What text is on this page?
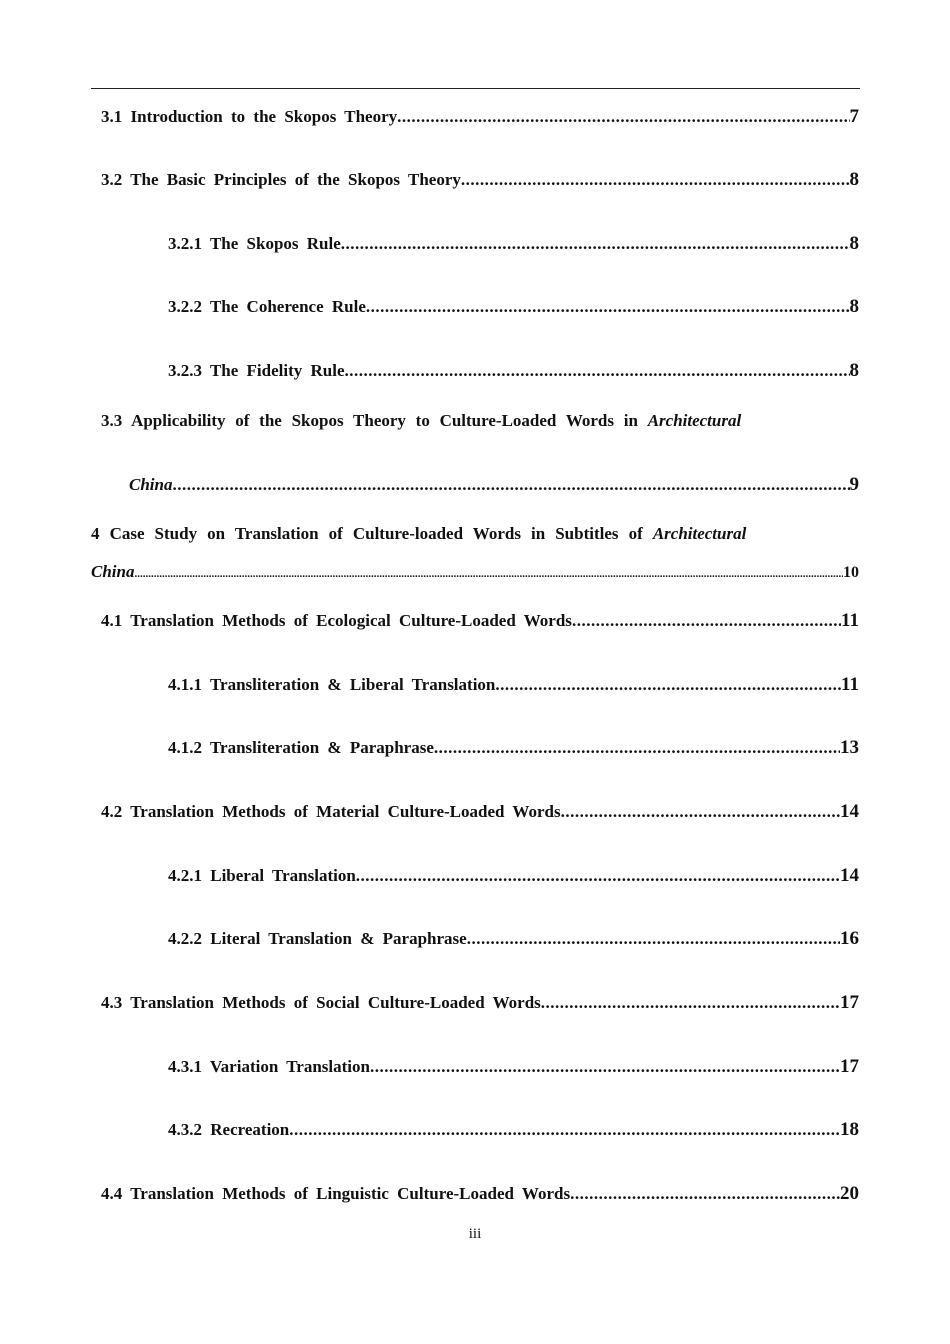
3.1 Introduction to the Skopos Theory .....	7
3.2 The Basic Principles of the Skopos Theory .....	8
3.2.1 The Skopos Rule .....	8
3.2.2 The Coherence Rule .....	8
3.2.3 The Fidelity Rule .....	8
3.3 Applicability of the Skopos Theory to Culture-Loaded Words in Architectural
China .....	9
4 Case Study on Translation of Culture-loaded Words in Subtitles of Architectural
China .....	10
4.1 Translation Methods of Ecological Culture-Loaded Words .....	11
4.1.1 Transliteration & Liberal Translation .....	11
4.1.2 Transliteration & Paraphrase .....	13
4.2 Translation Methods of Material Culture-Loaded Words .....	14
4.2.1 Liberal Translation .....	14
4.2.2 Literal Translation & Paraphrase .....	16
4.3 Translation Methods of Social Culture-Loaded Words .....	17
4.3.1 Variation Translation .....	17
4.3.2 Recreation .....	18
4.4 Translation Methods of Linguistic Culture-Loaded Words .....	20
iii
